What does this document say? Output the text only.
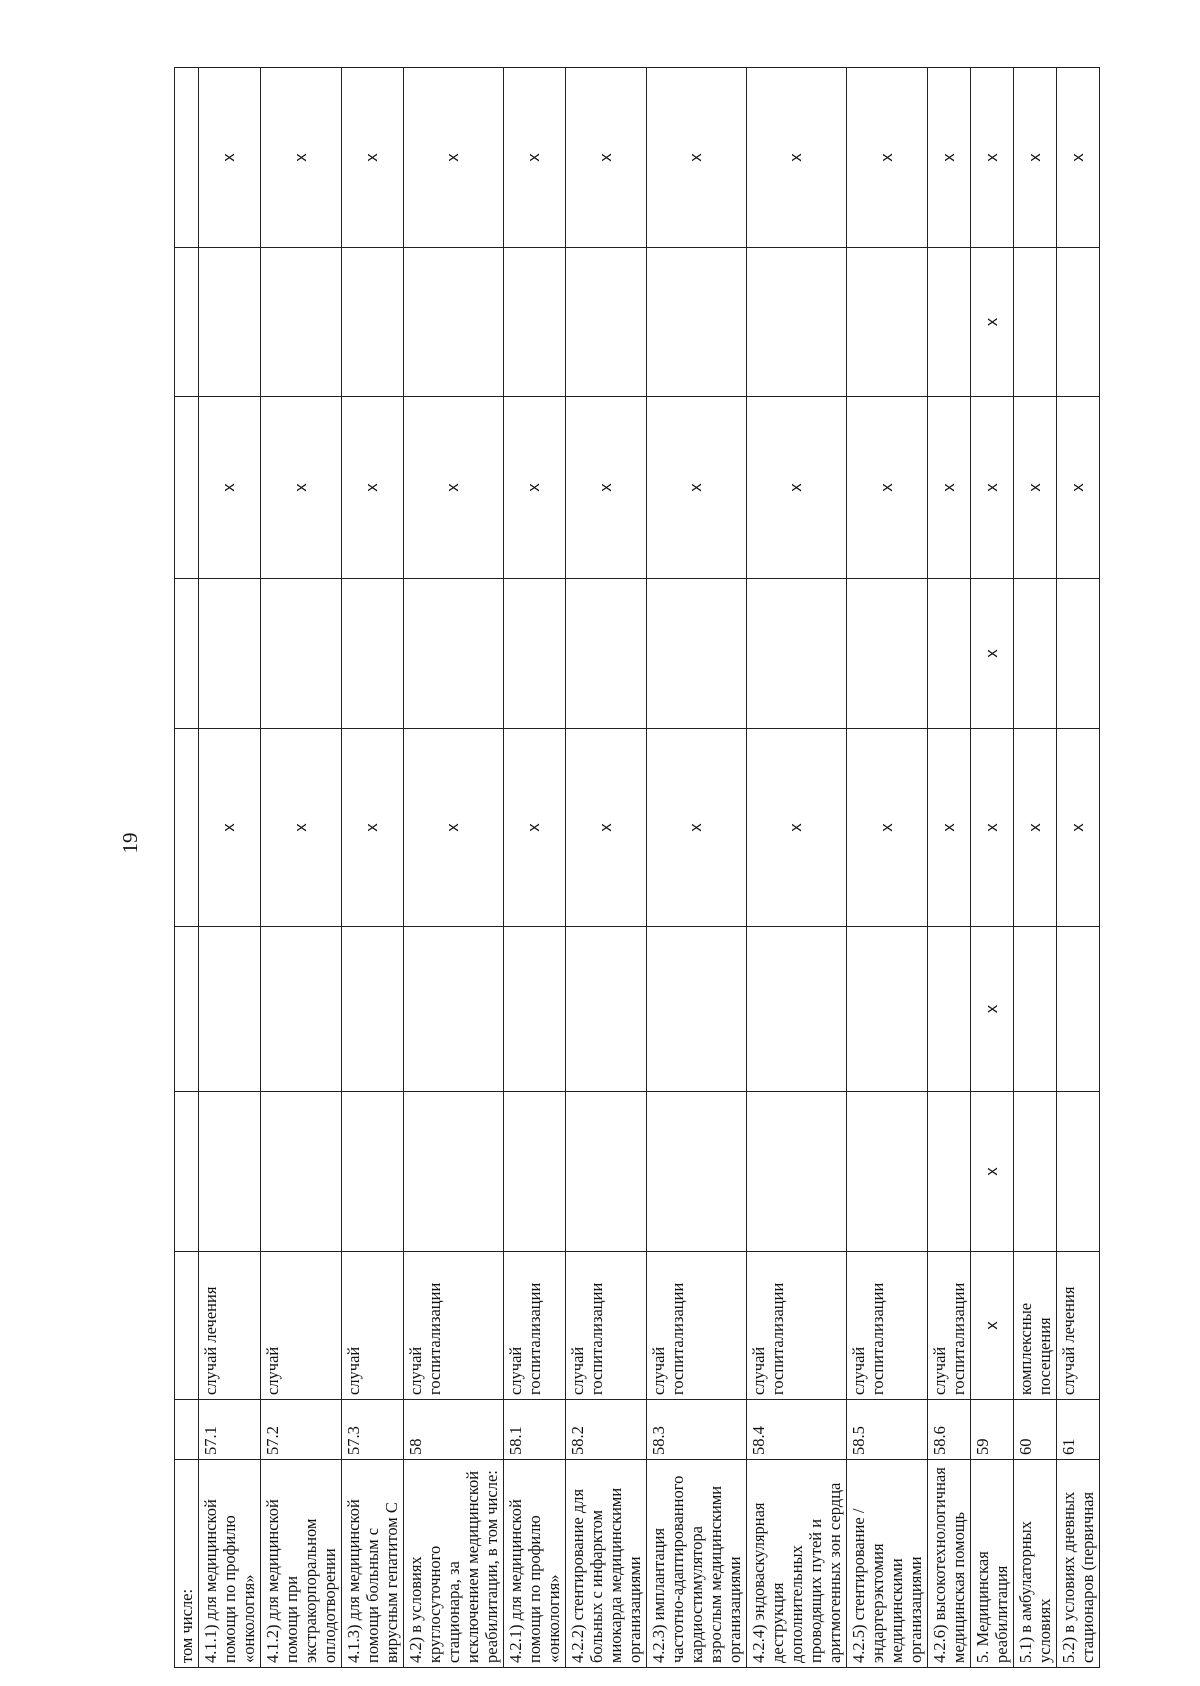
19
том числе:									
4.1.1) для медицинской помощи по профилю «онкология»	57.1	случай лечения			х		х		х
4.1.2) для медицинской помощи при экстракорпоральном оплодотворении	57.2	случай			х		х		х
4.1.3) для медицинской помощи больным с вирусным гепатитом С	57.3	случай			х		х		х
4.2) в условиях круглосуточного стационара, за исключением медицинской реабилитации, в том числе:	58	случай госпитализации			х		х		х
4.2.1) для медицинской помощи по профилю «онкология»	58.1	случай госпитализации			х		х		х
4.2.2) стентирование для больных с инфарктом миокарда медицинскими организациями	58.2	случай госпитализации			х		х		х
4.2.3) имплантация частотно-адаптированного кардиостимулятора взрослым медицинскими организациями	58.3	случай госпитализации			х		х		х
4.2.4) эндоваскулярная деструкция дополнительных проводящих путей и аритмогенных зон сердца	58.4	случай госпитализации			х		х		х
4.2.5) стентирование / эндартерэктомия медицинскими организациями	58.5	случай госпитализации			х		х		х
4.2.6) высокотехнологичная медицинская помощь	58.6	случай госпитализации			х		х		х
5. Медицинская реабилитация	59	х	х	х	х	х	х	х	х
5.1) в амбулаторных условиях	60	комплексные посещения			х		х		х
5.2) в условиях дневных стационаров (первичная	61	случай лечения			х		х		х
